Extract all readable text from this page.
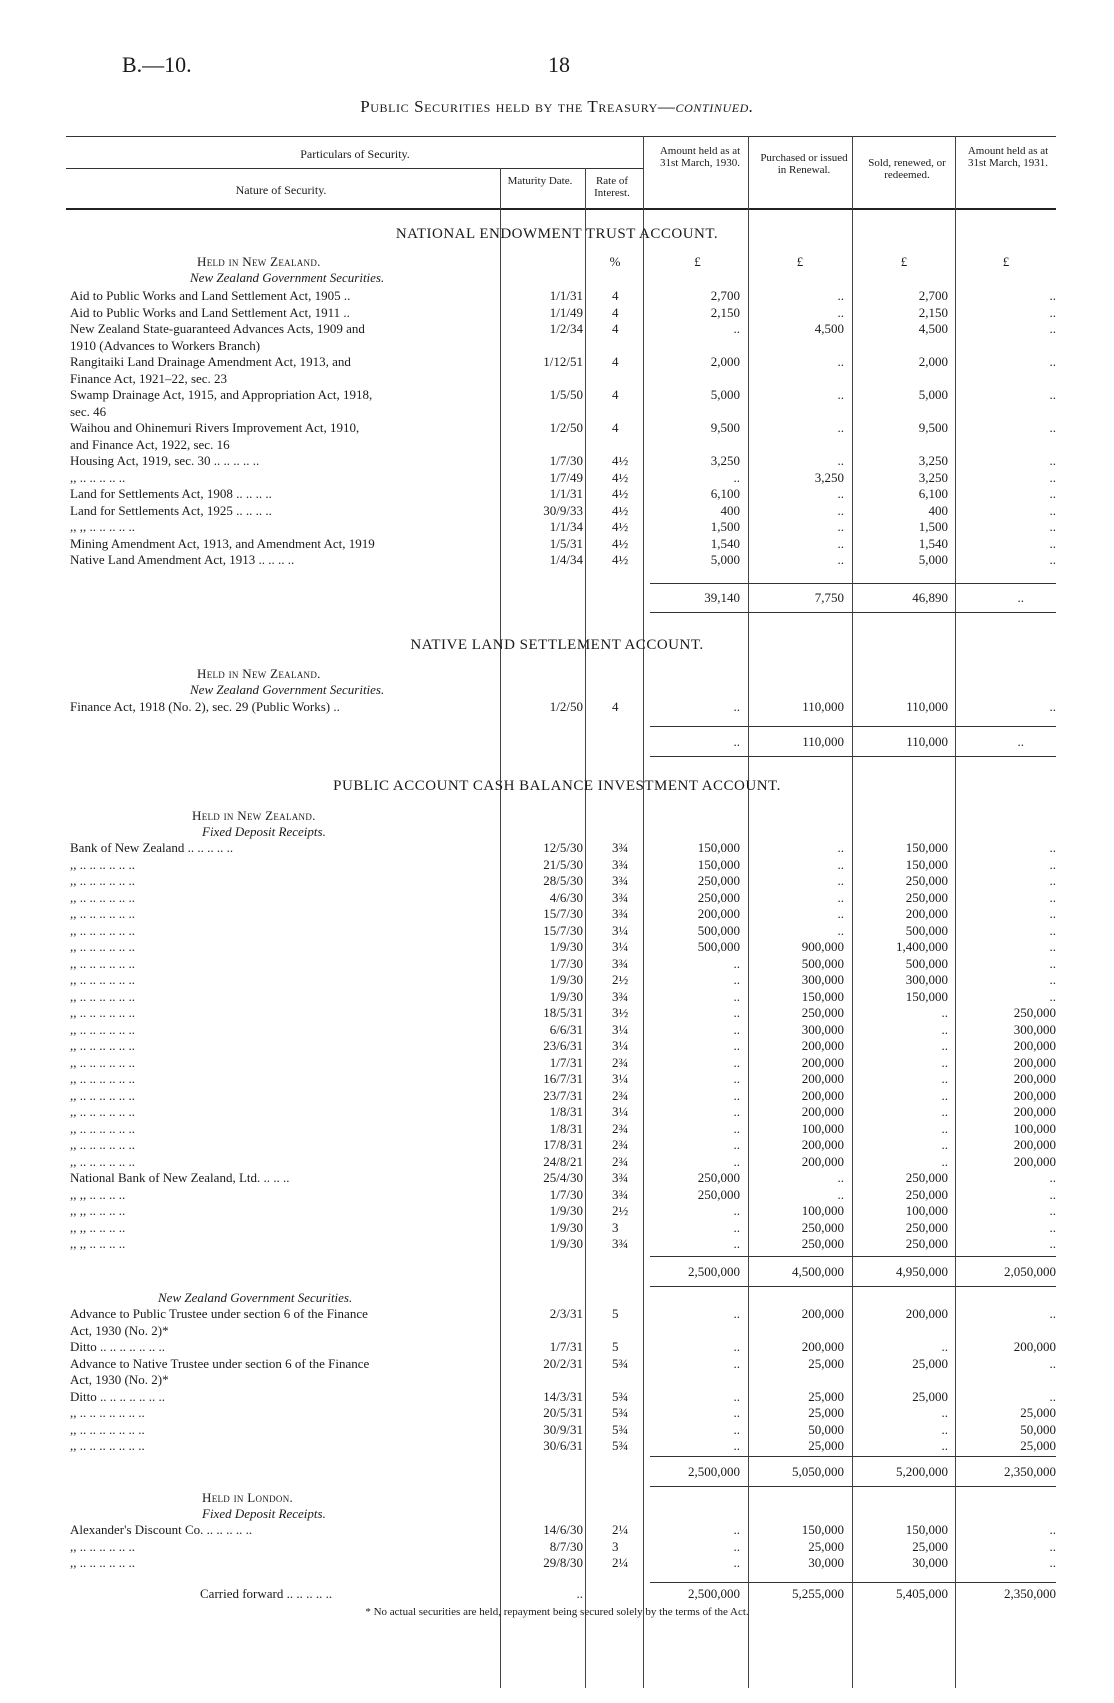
B.—10.	18
Public Securities held by the Treasury—continued.
Particulars of Security.
Nature of Security.
Maturity Date.	Rate of Interest.
Amount held as at 31st March, 1930.	Purchased or issued in Renewal.
Sold, renewed, or redeemed.
Amount held as at 31st March, 1931.
NATIONAL ENDOWMENT TRUST ACCOUNT.
Held in New Zealand.
New Zealand Government Securities.
%	£	£	£	£
Aid to Public Works and Land Settlement Act, 1905 ..	1/1/31 4	2,700	..	2,700	..
Aid to Public Works and Land Settlement Act, 1911 ..	1/1/49 4	2,150	..	2,150	..
New Zealand State-guaranteed Advances Acts, 1909 and	1/2/34 4	..	4,500	4,500	..
1910 (Advances to Workers Branch)
Rangitaiki Land Drainage Amendment Act, 1913, and	1/12/51 4	2,000	..	2,000	..
Finance Act, 1921–22, sec. 23
Swamp Drainage Act, 1915, and Appropriation Act, 1918,	1/5/50 4	5,000	..	5,000	..
sec. 46
Waihou and Ohinemuri Rivers Improvement Act, 1910,	1/2/50 4	9,500	..	9,500	..
and Finance Act, 1922, sec. 16
Housing Act, 1919, sec. 30 .. .. .. .. ..	1/7/30 4½	3,250	..	3,250	..
,, .. .. .. .. ..	1/7/49 4½	..	3,250	3,250	..
Land for Settlements Act, 1908 .. .. .. ..	1/1/31 4½	6,100	..	6,100	..
Land for Settlements Act, 1925 .. .. .. ..	30/9/33 4½	400	..	400	..
,, ,, .. .. .. .. ..	1/1/34 4½	1,500	..	1,500	..
Mining Amendment Act, 1913, and Amendment Act, 1919	1/5/31 4½	1,540	..	1,540	..
Native Land Amendment Act, 1913 .. .. .. ..	1/4/34 4½	5,000	..	5,000	..
39,140	7,750	46,890	..
NATIVE LAND SETTLEMENT ACCOUNT.
Held in New Zealand.
New Zealand Government Securities.
Finance Act, 1918 (No. 2), sec. 29 (Public Works) ..	1/2/50 4	..	110,000	110,000	..
..	110,000	110,000	..
PUBLIC ACCOUNT CASH BALANCE INVESTMENT ACCOUNT.
Held in New Zealand.
Fixed Deposit Receipts.
Bank of New Zealand .. .. .. .. ..	12/5/30 3¾	150,000	..	150,000	..
,, .. .. .. .. .. ..	21/5/30 3¾	150,000	..	150,000	..
,, .. .. .. .. .. ..	28/5/30 3¾	250,000	..	250,000	..
,, .. .. .. .. .. ..	4/6/30 3¾	250,000	..	250,000	..
,, .. .. .. .. .. ..	15/7/30 3¾	200,000	..	200,000	..
,, .. .. .. .. .. ..	15/7/30 3¼	500,000	..	500,000	..
,, .. .. .. .. .. ..	1/9/30 3¼	500,000	900,000	1,400,000	..
,, .. .. .. .. .. ..	1/7/30 3¾	..	500,000	500,000	..
,, .. .. .. .. .. ..	1/9/30 2½	..	300,000	300,000	..
,, .. .. .. .. .. ..	1/9/30 3¾	..	150,000	150,000	..
,, .. .. .. .. .. ..	18/5/31 3½	..	250,000	..	250,000
,, .. .. .. .. .. ..	6/6/31 3¼	..	300,000	..	300,000
,, .. .. .. .. .. ..	23/6/31 3¼	..	200,000	..	200,000
,, .. .. .. .. .. ..	1/7/31 2¾	..	200,000	..	200,000
,, .. .. .. .. .. ..	16/7/31 3¼	..	200,000	..	200,000
,, .. .. .. .. .. ..	23/7/31 2¾	..	200,000	..	200,000
,, .. .. .. .. .. ..	1/8/31 3¼	..	200,000	..	200,000
,, .. .. .. .. .. ..	1/8/31 2¾	..	100,000	..	100,000
,, .. .. .. .. .. ..	17/8/31 2¾	..	200,000	..	200,000
,, .. .. .. .. .. ..	24/8/21 2¾	..	200,000	..	200,000
National Bank of New Zealand, Ltd. .. .. ..	25/4/30 3¾	250,000	..	250,000	..
,, ,, .. .. .. ..	1/7/30 3¾	250,000	..	250,000	..
,, ,, .. .. .. ..	1/9/30 2½	..	100,000	100,000	..
,, ,, .. .. .. ..	1/9/30 3	..	250,000	250,000	..
,, ,, .. .. .. ..	1/9/30 3¾	..	250,000	250,000	..
2,500,000	4,500,000	4,950,000	2,050,000
New Zealand Government Securities.
Advance to Public Trustee under section 6 of the Finance	2/3/31 5	..	200,000	200,000	..
Act, 1930 (No. 2)*
Ditto .. .. .. .. .. .. ..	1/7/31 5	..	200,000	..	200,000
Advance to Native Trustee under section 6 of the Finance	20/2/31 5¾	..	25,000	25,000	..
Act, 1930 (No. 2)*
Ditto .. .. .. .. .. .. ..	14/3/31 5¾	..	25,000	25,000	..
,, .. .. .. .. .. .. ..	20/5/31 5¾	..	25,000	..	25,000
,, .. .. .. .. .. .. ..	30/9/31 5¾	..	50,000	..	50,000
,, .. .. .. .. .. .. ..	30/6/31 5¾	..	25,000	..	25,000
2,500,000	5,050,000	5,200,000	2,350,000
Held in London.
Fixed Deposit Receipts.
Alexander's Discount Co. .. .. .. .. ..	14/6/30 2¼	..	150,000	150,000	..
,, .. .. .. .. .. ..	8/7/30 3	..	25,000	25,000	..
,, .. .. .. .. .. ..	29/8/30 2¼	..	30,000	30,000	..
Carried forward .. .. .. .. ..	..	2,500,000	5,255,000	5,405,000	2,350,000
* No actual securities are held, repayment being secured solely by the terms of the Act.
